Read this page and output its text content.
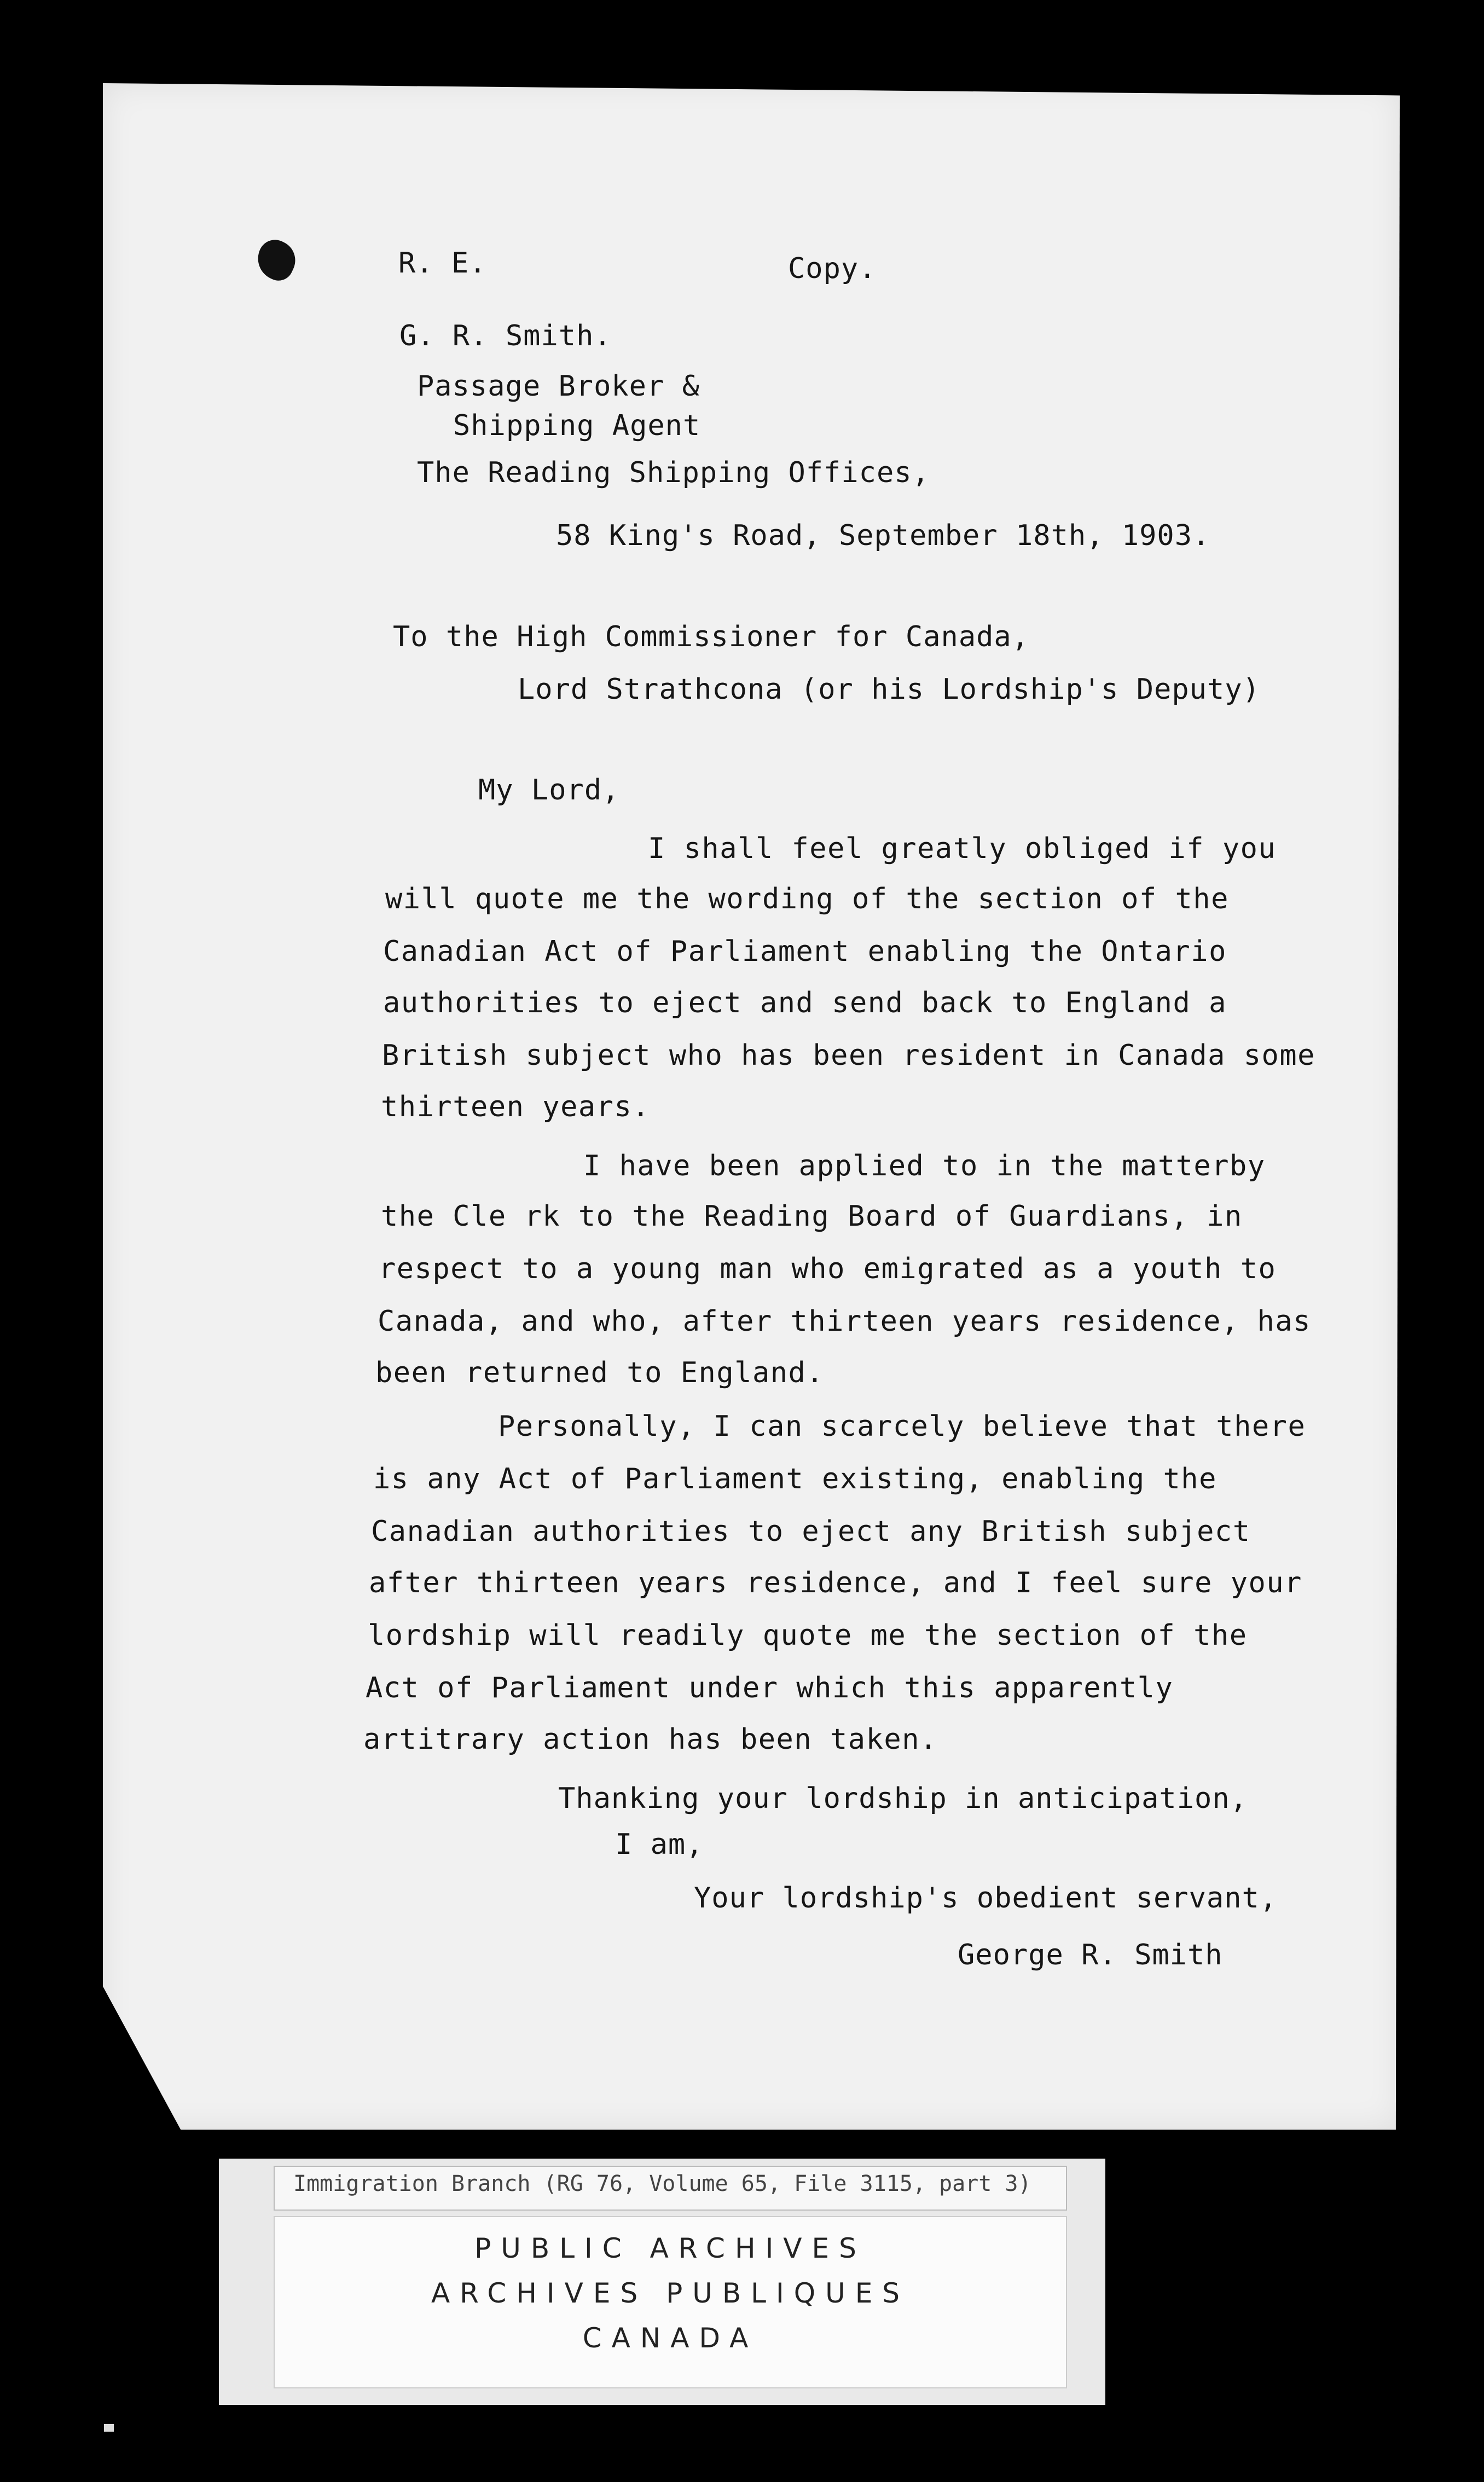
R. E.	Copy.
G. R. Smith.
Passage Broker &
Shipping Agent
The Reading Shipping Offices,
58 King's Road, September 18th, 1903.
To the High Commissioner for Canada,
Lord Strathcona (or his Lordship's Deputy)
My Lord,
I shall feel greatly obliged if you
will quote me the wording of the section of the
Canadian Act of Parliament enabling the Ontario
authorities to eject and send back to England a
British subject who has been resident in Canada some
thirteen years.
I have been applied to in the matterby
the Cle rk to the Reading Board of Guardians, in
respect to a young man who emigrated as a youth to
Canada, and who, after thirteen years residence, has
been returned to England.
Personally, I can scarcely believe that there
is any Act of Parliament existing, enabling the
Canadian authorities to eject any British subject
after thirteen years residence, and I feel sure your
lordship will readily quote me the section of the
Act of Parliament under which this apparently
artitrary action has been taken.
Thanking your lordship in anticipation,
I am,
Your lordship's obedient servant,
George R. Smith
Immigration Branch (RG 76, Volume 65, File 3115, part 3)
PUBLIC ARCHIVES
ARCHIVES PUBLIQUES
CANADA
